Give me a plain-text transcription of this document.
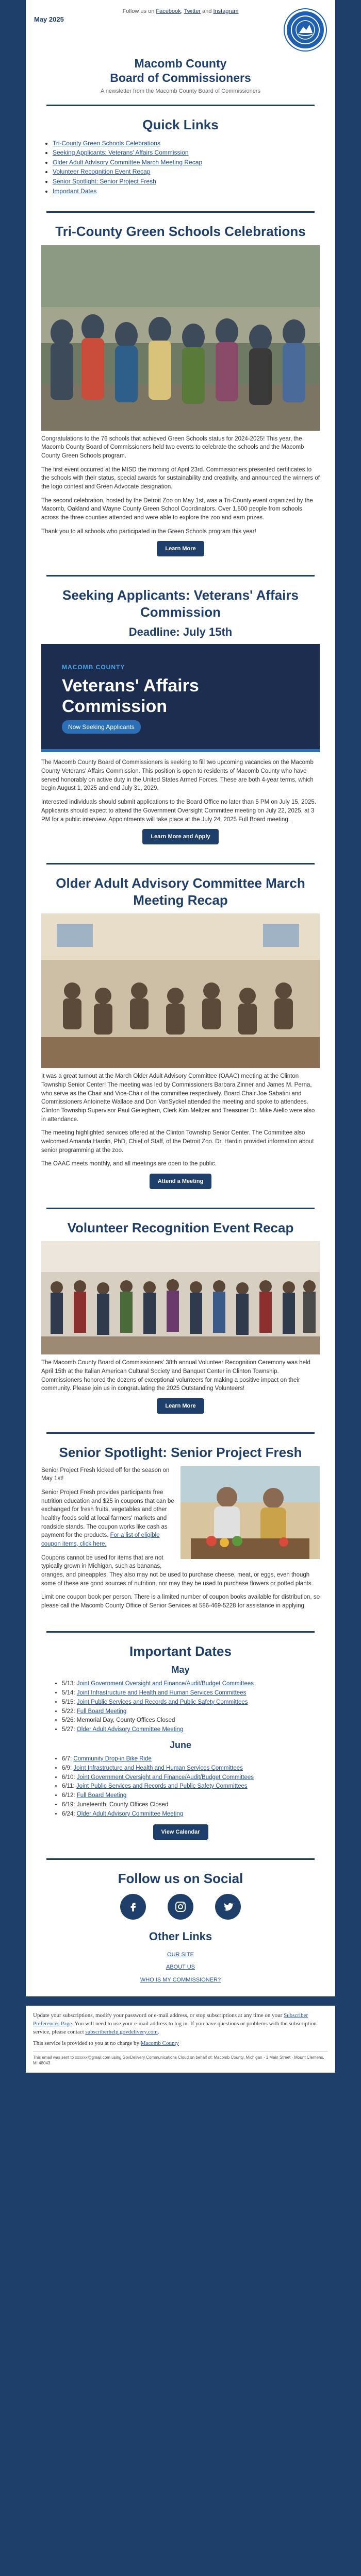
Follow us on Facebook, Twitter and Instagram
May 2025
Macomb County
Board of Commissioners
A newsletter from the Macomb County Board of Commissioners
Quick Links
• Tri-County Green Schools Celebrations
• Seeking Applicants: Veterans' Affairs Commission
• Older Adult Advisory Committee March Meeting Recap
• Volunteer Recognition Event Recap
• Senior Spotlight: Senior Project Fresh
• Important Dates
Tri-County Green Schools Celebrations

Congratulations to the 76 schools that achieved Green Schools status for 2024-2025! This year, the Macomb County Board of Commissioners held two events to celebrate the schools and the Macomb County Green Schools program.

The first event occurred at the MISD the morning of April 23rd. Commissioners presented certificates to the schools with their status, special awards for sustainability and creativity, and announced the winners of the logo contest and Green Advocate designation.

The second celebration, hosted by the Detroit Zoo on May 1st, was a Tri-County event organized by the Macomb, Oakland and Wayne County Green School Coordinators. Over 1,500 people from schools across the three counties attended and were able to explore the zoo and earn prizes.

Thank you to all schools who participated in the Green Schools program this year!

Learn More
Seeking Applicants: Veterans' Affairs Commission
Deadline: July 15th
MACOMB COUNTY
Veterans' Affairs
Commission
Now Seeking Applicants

The Macomb County Board of Commissioners is seeking to fill two upcoming vacancies on the Macomb County Veterans' Affairs Commission. This position is open to residents of Macomb County who have served honorably on active duty in the United States Armed Forces. These are both 4-year terms, which begin August 1, 2025 and end July 31, 2029.

Interested individuals should submit applications to the Board Office no later than 5 PM on July 15, 2025. Applicants should expect to attend the Government Oversight Committee meeting on July 22, 2025, at 3 PM for a public interview. Appointments will take place at the July 24, 2025 Full Board meeting.

Learn More and Apply
Older Adult Advisory Committee March Meeting Recap

It was a great turnout at the March Older Adult Advisory Committee (OAAC) meeting at the Clinton Township Senior Center! The meeting was led by Commissioners Barbara Zinner and James M. Perna, who serve as the Chair and Vice-Chair of the committee respectively. Board Chair Joe Sabatini and Commissioners Antoinette Wallace and Don VanSyckel attended the meeting and spoke to attendees. Clinton Township Supervisor Paul Gieleghem, Clerk Kim Meltzer and Treasurer Dr. Mike Aiello were also in attendance.

The meeting highlighted services offered at the Clinton Township Senior Center. The Committee also welcomed Amanda Hardin, PhD, Chief of Staff, of the Detroit Zoo. Dr. Hardin provided information about senior programming at the zoo.

The OAAC meets monthly, and all meetings are open to the public.

Attend a Meeting
Volunteer Recognition Event Recap

The Macomb County Board of Commissioners' 38th annual Volunteer Recognition Ceremony was held April 15th at the Italian American Cultural Society and Banquet Center in Clinton Township. Commissioners honored the dozens of exceptional volunteers for making a positive impact on their community. Please join us in congratulating the 2025 Outstanding Volunteers!

Learn More
Senior Spotlight: Senior Project Fresh

Senior Project Fresh kicked off for the season on May 1st!

Senior Project Fresh provides participants free nutrition education and $25 in coupons that can be exchanged for fresh fruits, vegetables and other healthy foods sold at local farmers' markets and roadside stands. The coupon works like cash as payment for the products. For a list of eligible coupon items, click here.

Coupons cannot be used for items that are not typically grown in Michigan, such as bananas, oranges, and pineapples. They also may not be used to purchase cheese, meat, or eggs, even though some of these are good sources of nutrition, nor may they be used to purchase flowers or potted plants.

Limit one coupon book per person. There is a limited number of coupon books available for distribution, so please call the Macomb County Office of Senior Services at 586-469-5228 for assistance in applying.

Important Dates
May
• 5/13: Joint Government Oversight and Finance/Audit/Budget Committees
• 5/14: Joint Infrastructure and Health and Human Services Committees
• 5/15: Joint Public Services and Records and Public Safety Committees
• 5/22: Full Board Meeting
• 5/26: Memorial Day, County Offices Closed
• 5/27: Older Adult Advisory Committee Meeting
June
• 6/7: Community Drop-in Bike Ride
• 6/9: Joint Infrastructure and Health and Human Services Committees
• 6/10: Joint Government Oversight and Finance/Audit/Budget Committees
• 6/11: Joint Public Services and Records and Public Safety Committees
• 6/12: Full Board Meeting
• 6/19: Juneteenth, County Offices Closed
• 6/24: Older Adult Advisory Committee Meeting
View Calendar
Follow us on Social
Other Links
OUR SITE
ABOUT US
WHO IS MY COMMISSIONER?

Update your subscriptions, modify your password or e-mail address, or stop subscriptions at any time on your Subscriber Preferences Page. You will need to use your e-mail address to log in. If you have questions or problems with the subscription service, please contact subscriberhelp.govdelivery.com.

This service is provided to you at no charge by Macomb County

This email was sent to xxxxxx@gmail.com using GovDelivery Communications Cloud on behalf of: Macomb County, Michigan · 1 Main Street · Mount Clemens, MI 48043
